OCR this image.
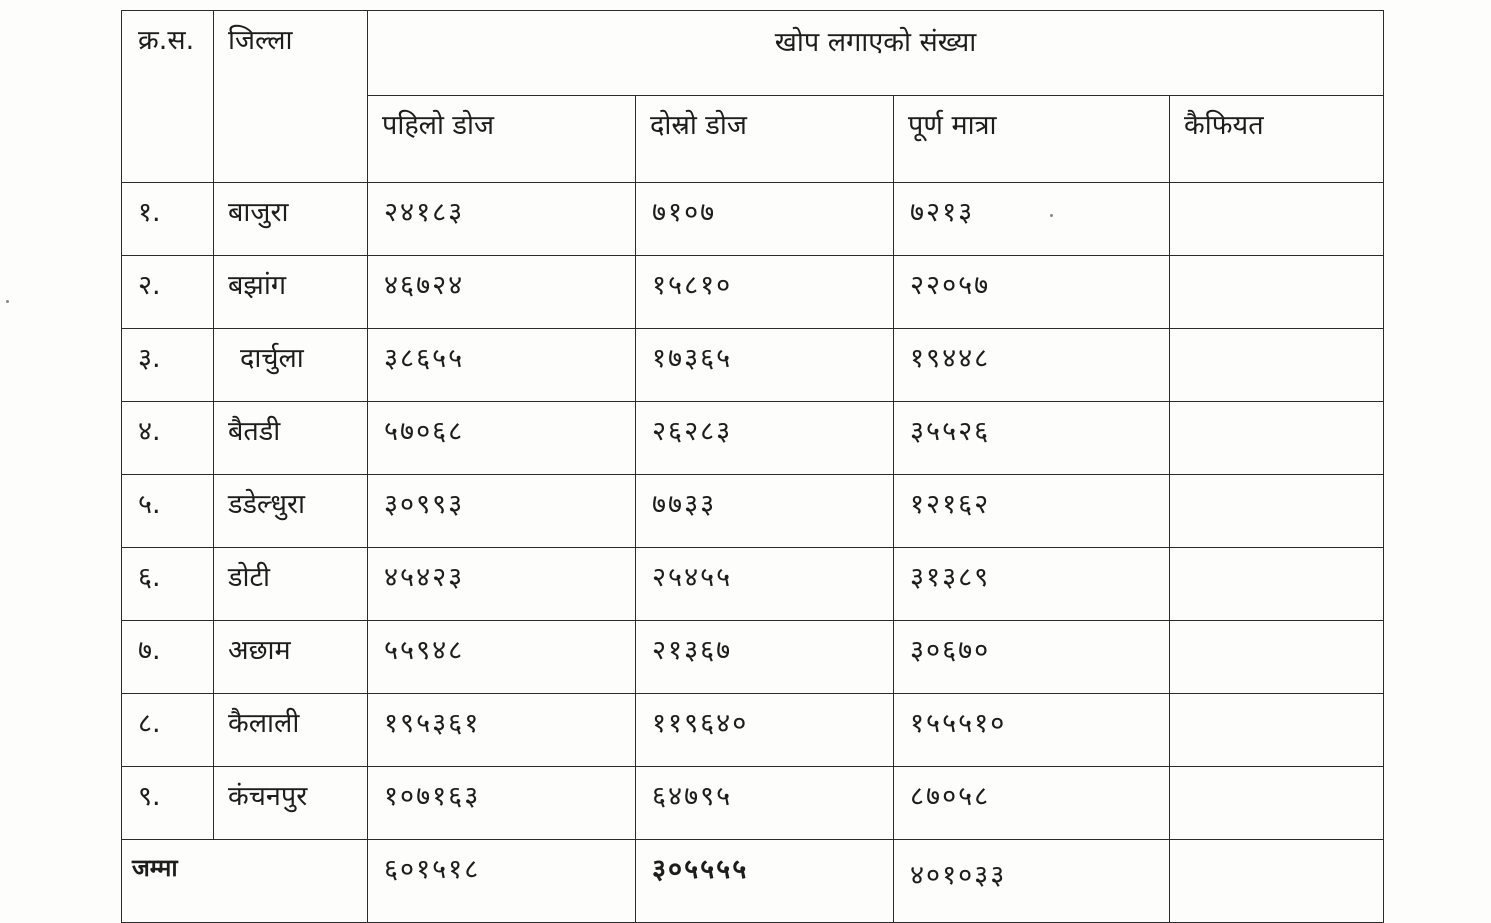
क्र.स.	जिल्ला	खोप लगाएको संख्या			
		पहिलो डोज	दोस्रो डोज	पूर्ण मात्रा	कैफियत
१.	बाजुरा	२४१८३	७१०७	७२१३	
२.	बझांग	४६७२४	१५८१०	२२०५७	
३.	दार्चुला	३८६५५	१७३६५	१९४४८	
४.	बैतडी	५७०६८	२६२८३	३५५२६	
५.	डडेल्धुरा	३०९९३	७७३३	१२१६२	
६.	डोटी	४५४२३	२५४५५	३१३८९	
७.	अछाम	५५९४८	२१३६७	३०६७०	
८.	कैलाली	१९५३६१	११९६४०	१५५५१०	
९.	कंचनपुर	१०७१६३	६४७९५	८७०५८	
जम्मा		६०१५१८	३०५५५५	४०१०३३	
